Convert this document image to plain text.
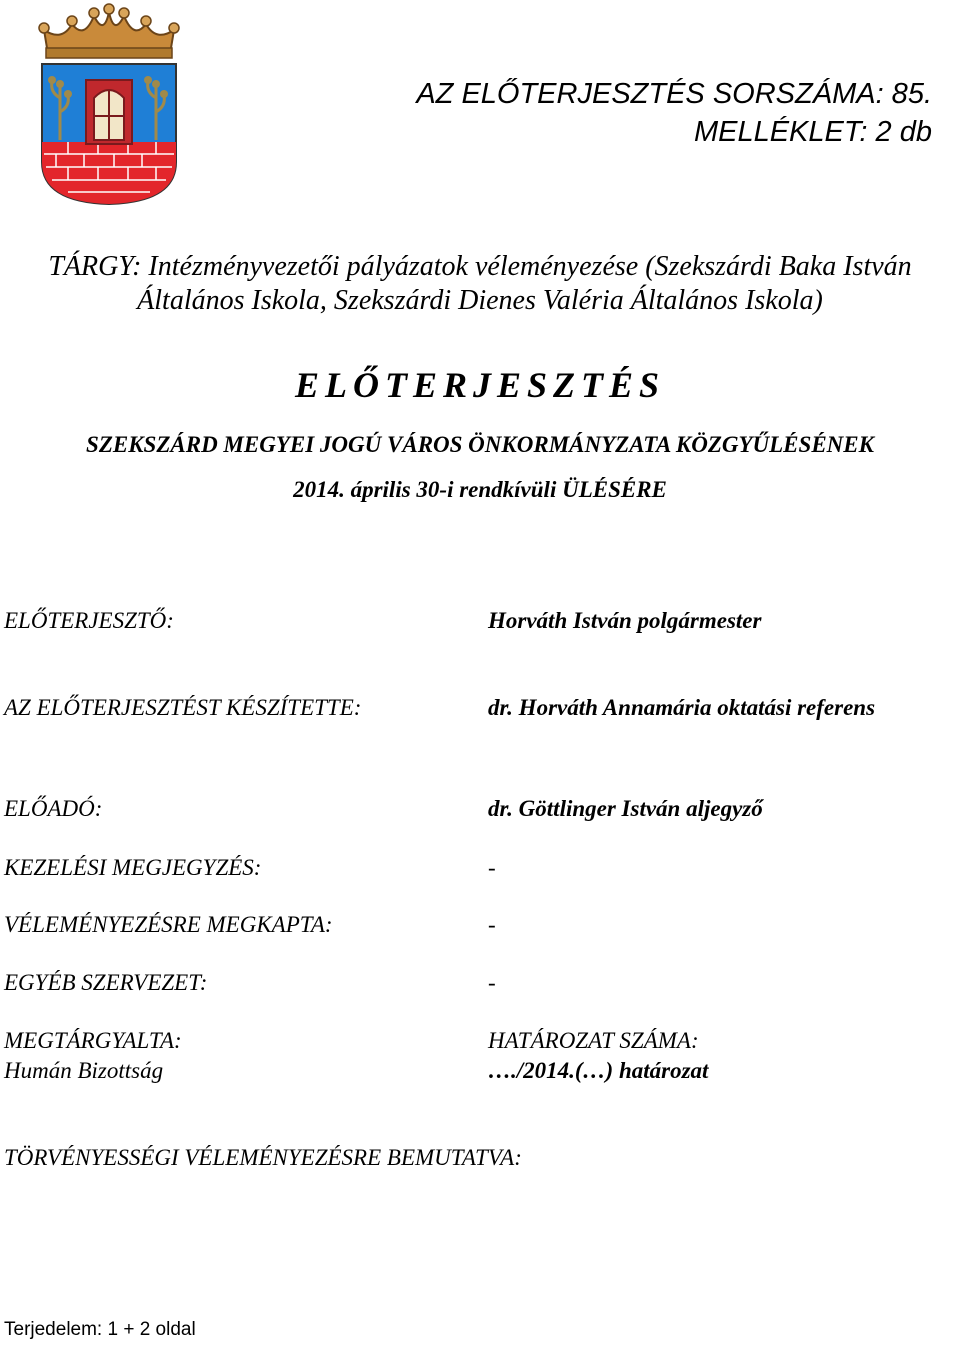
AZ ELŐTERJESZTÉS SORSZÁMA: 85.
MELLÉKLET: 2 db
TÁRGY: Intézményvezetői pályázatok véleményezése (Szekszárdi Baka István
Általános Iskola, Szekszárdi Dienes Valéria Általános Iskola)
ELŐTERJESZTÉS
SZEKSZÁRD MEGYEI JOGÚ VÁROS ÖNKORMÁNYZATA KÖZGYŰLÉSÉNEK
2014. április 30-i rendkívüli ÜLÉSÉRE
ELŐTERJESZTŐ:	Horváth István polgármester
AZ ELŐTERJESZTÉST KÉSZÍTETTE:	dr. Horváth Annamária oktatási referens
ELŐADÓ:	dr. Göttlinger István aljegyző
KEZELÉSI MEGJEGYZÉS:	-
VÉLEMÉNYEZÉSRE MEGKAPTA:	-
EGYÉB SZERVEZET:	-
MEGTÁRGYALTA:
Humán Bizottság
HATÁROZAT SZÁMA:
…./2014.(…) határozat
TÖRVÉNYESSÉGI VÉLEMÉNYEZÉSRE BEMUTATVA:
Terjedelem: 1 + 2 oldal
